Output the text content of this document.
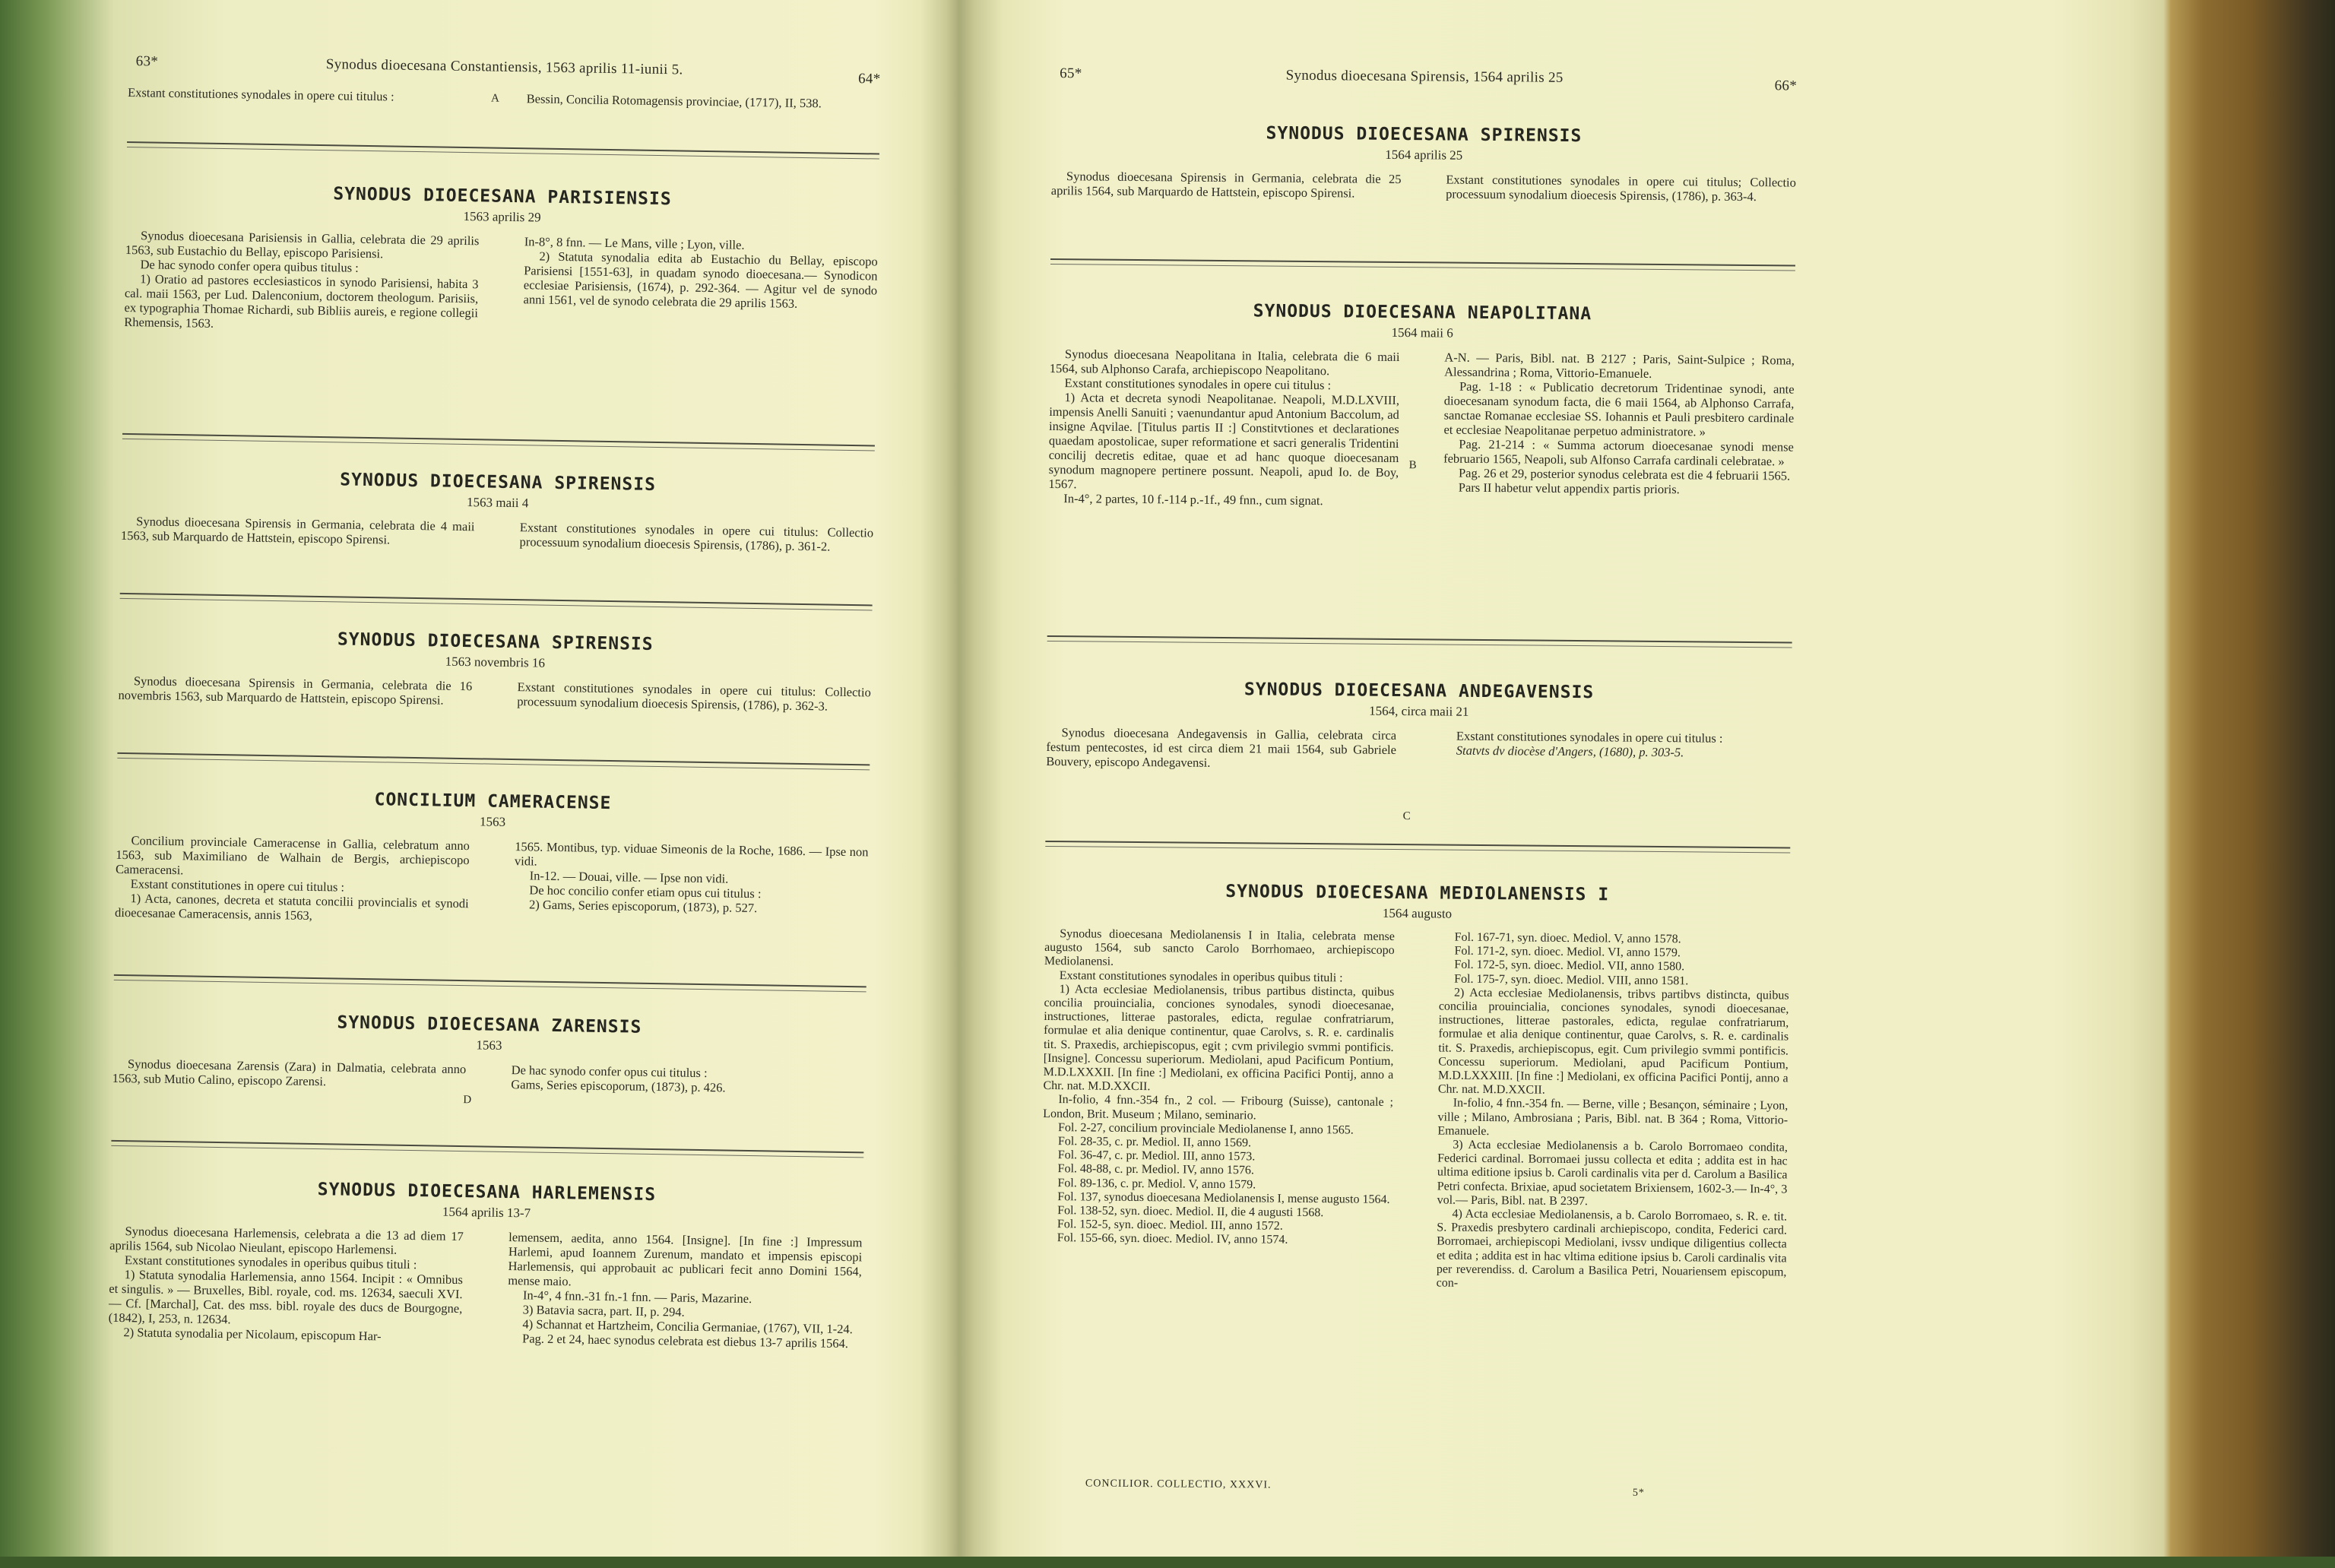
63*	Synodus dioecesana Constantiensis, 1563 aprilis 11-iunii 5.
64*
Exstant constitutiones synodales in opere cui titulus :	Bessin, Concilia Rotomagensis provinciae, (1717), II, 538.
A
SYNODUS DIOECESANA PARISIENSIS
1563 aprilis 29

Synodus dioecesana Parisiensis in Gallia, celebrata die 29 aprilis 1563, sub Eustachio du Bellay, episcopo Parisiensi.

De hac synodo confer opera quibus titulus :

1) Oratio ad pastores ecclesiasticos in synodo Parisiensi, habita 3 cal. maii 1563, per Lud. Dalenconium, doctorem theologum. Parisiis, ex typographia Thomae Richardi, sub Bibliis aureis, e regione collegii Rhemensis, 1563.

In-8°, 8 fnn. — Le Mans, ville ; Lyon, ville.

2) Statuta synodalia edita ab Eustachio du Bellay, episcopo Parisiensi [1551-63], in quadam synodo dioecesana.— Synodicon ecclesiae Parisiensis, (1674), p. 292-364. — Agitur vel de synodo anni 1561, vel de synodo celebrata die 29 aprilis 1563.

SYNODUS DIOECESANA SPIRENSIS
1563 maii 4

Synodus dioecesana Spirensis in Germania, celebrata die 4 maii 1563, sub Marquardo de Hattstein, episcopo Spirensi.	Exstant constitutiones synodales in opere cui titulus: Collectio processuum synodalium dioecesis Spirensis, (1786), p. 361-2.

SYNODUS DIOECESANA SPIRENSIS
1563 novembris 16

Synodus dioecesana Spirensis in Germania, celebrata die 16 novembris 1563, sub Marquardo de Hattstein, episcopo Spirensi.	Exstant constitutiones synodales in opere cui titulus: Collectio processuum synodalium dioecesis Spirensis, (1786), p. 362-3.

CONCILIUM CAMERACENSE
1563

Concilium provinciale Cameracense in Gallia, celebratum anno 1563, sub Maximiliano de Walhain de Bergis, archiepiscopo Cameracensi.

Exstant constitutiones in opere cui titulus :

1) Acta, canones, decreta et statuta concilii provincialis et synodi dioecesanae Cameracensis, annis 1563,

1565. Montibus, typ. viduae Simeonis de la Roche, 1686. — Ipse non vidi.

In-12. — Douai, ville. — Ipse non vidi.

De hoc concilio confer etiam opus cui titulus :

2) Gams, Series episcoporum, (1873), p. 527.

SYNODUS DIOECESANA ZARENSIS
1563

Synodus dioecesana Zarensis (Zara) in Dalmatia, celebrata anno 1563, sub Mutio Calino, episcopo Zarensi.	De hac synodo confer opus cui titulus :

Gams, Series episcoporum, (1873), p. 426.

D
SYNODUS DIOECESANA HARLEMENSIS
1564 aprilis 13-7

Synodus dioecesana Harlemensis, celebrata a die 13 ad diem 17 aprilis 1564, sub Nicolao Nieulant, episcopo Harlemensi.

Exstant constitutiones synodales in operibus quibus tituli :

1) Statuta synodalia Harlemensia, anno 1564. Incipit : « Omnibus et singulis. » — Bruxelles, Bibl. royale, cod. ms. 12634, saeculi XVI. — Cf. [Marchal], Cat. des mss. bibl. royale des ducs de Bourgogne, (1842), I, 253, n. 12634.

2) Statuta synodalia per Nicolaum, episcopum Har-

lemensem, aedita, anno 1564. [Insigne]. [In fine :] Impressum Harlemi, apud Ioannem Zurenum, mandato et impensis episcopi Harlemensis, qui approbauit ac publicari fecit anno Domini 1564, mense maio.

In-4°, 4 fnn.-31 fn.-1 fnn. — Paris, Mazarine.

3) Batavia sacra, part. II, p. 294.

4) Schannat et Hartzheim, Concilia Germaniae, (1767), VII, 1-24.

Pag. 2 et 24, haec synodus celebrata est diebus 13-7 aprilis 1564.

65*	Synodus dioecesana Spirensis, 1564 aprilis 25
66*
SYNODUS DIOECESANA SPIRENSIS
1564 aprilis 25

Synodus dioecesana Spirensis in Germania, celebrata die 25 aprilis 1564, sub Marquardo de Hattstein, episcopo Spirensi.

Exstant constitutiones synodales in opere cui titulus; Collectio processuum synodalium dioecesis Spirensis, (1786), p. 363-4.

SYNODUS DIOECESANA NEAPOLITANA
1564 maii 6

Synodus dioecesana Neapolitana in Italia, celebrata die 6 maii 1564, sub Alphonso Carafa, archiepiscopo Neapolitano.

Exstant constitutiones synodales in opere cui titulus :

1) Acta et decreta synodi Neapolitanae. Neapoli, M.D.LXVIII, impensis Anelli Sanuiti ; vaenundantur apud Antonium Baccolum, ad insigne Aqvilae. [Titulus partis II :] Constitvtiones et declarationes quaedam apostolicae, super reformatione et sacri generalis Tridentini concilij decretis editae, quae et ad hanc quoque dioecesanam synodum magnopere pertinere possunt. Neapoli, apud Io. de Boy, 1567.

In-4°, 2 partes, 10 f.-114 p.-1f., 49 fnn., cum signat.

A-N. — Paris, Bibl. nat. B 2127 ; Paris, Saint-Sulpice ; Roma, Alessandrina ; Roma, Vittorio-Emanuele.

Pag. 1-18 : « Publicatio decretorum Tridentinae synodi, ante dioecesanam synodum facta, die 6 maii 1564, ab Alphonso Carrafa, sanctae Romanae ecclesiae SS. Iohannis et Pauli presbitero cardinale et ecclesiae Neapolitanae perpetuo administratore. »

Pag. 21-214 : « Summa actorum dioecesanae synodi mense februario 1565, Neapoli, sub Alfonso Carrafa cardinali celebratae. »

Pag. 26 et 29, posterior synodus celebrata est die 4 februarii 1565.

Pars II habetur velut appendix partis prioris.

B
SYNODUS DIOECESANA ANDEGAVENSIS
1564, circa maii 21

Synodus dioecesana Andegavensis in Gallia, celebrata circa festum pentecostes, id est circa diem 21 maii 1564, sub Gabriele Bouvery, episcopo Andegavensi.

Exstant constitutiones synodales in opere cui titulus :

Statvts dv diocèse d'Angers, (1680), p. 303-5.

C
SYNODUS DIOECESANA MEDIOLANENSIS I
1564 augusto

Synodus dioecesana Mediolanensis I in Italia, celebrata mense augusto 1564, sub sancto Carolo Borrhomaeo, archiepiscopo Mediolanensi.

Exstant constitutiones synodales in operibus quibus tituli :

1) Acta ecclesiae Mediolanensis, tribus partibus distincta, quibus concilia prouincialia, conciones synodales, synodi dioecesanae, instructiones, litterae pastorales, edicta, regulae confratriarum, formulae et alia denique continentur, quae Carolvs, s. R. e. cardinalis tit. S. Praxedis, archiepiscopus, egit ; cvm privilegio svmmi pontificis. [Insigne]. Concessu superiorum. Mediolani, apud Pacificum Pontium, M.D.LXXXII. [In fine :] Mediolani, ex officina Pacifici Pontij, anno a Chr. nat. M.D.XXCII.

In-folio, 4 fnn.-354 fn., 2 col. — Fribourg (Suisse), cantonale ; London, Brit. Museum ; Milano, seminario.

Fol. 2-27, concilium provinciale Mediolanense I, anno 1565.

Fol. 28-35, c. pr. Mediol. II, anno 1569.

Fol. 36-47, c. pr. Mediol. III, anno 1573.

Fol. 48-88, c. pr. Mediol. IV, anno 1576.

Fol. 89-136, c. pr. Mediol. V, anno 1579.

Fol. 137, synodus dioecesana Mediolanensis I, mense augusto 1564.

Fol. 138-52, syn. dioec. Mediol. II, die 4 augusti 1568.

Fol. 152-5, syn. dioec. Mediol. III, anno 1572.

Fol. 155-66, syn. dioec. Mediol. IV, anno 1574.

Fol. 167-71, syn. dioec. Mediol. V, anno 1578.

Fol. 171-2, syn. dioec. Mediol. VI, anno 1579.

Fol. 172-5, syn. dioec. Mediol. VII, anno 1580.

Fol. 175-7, syn. dioec. Mediol. VIII, anno 1581.

2) Acta ecclesiae Mediolanensis, tribvs partibvs distincta, quibus concilia prouincialia, conciones synodales, synodi dioecesanae, instructiones, litterae pastorales, edicta, regulae confratriarum, formulae et alia denique continentur, quae Carolvs, s. R. e. cardinalis tit. S. Praxedis, archiepiscopus, egit. Cum privilegio svmmi pontificis. Concessu superiorum. Mediolani, apud Pacificum Pontium, M.D.LXXXIII. [In fine :] Mediolani, ex officina Pacifici Pontij, anno a Chr. nat. M.D.XXCII.

In-folio, 4 fnn.-354 fn. — Berne, ville ; Besançon, séminaire ; Lyon, ville ; Milano, Ambrosiana ; Paris, Bibl. nat. B 364 ; Roma, Vittorio-Emanuele.

3) Acta ecclesiae Mediolanensis a b. Carolo Borromaeo condita, Federici cardinal. Borromaei jussu collecta et edita ; addita est in hac ultima editione ipsius b. Caroli cardinalis vita per d. Carolum a Basilica Petri confecta. Brixiae, apud societatem Brixiensem, 1602-3.— In-4°, 3 vol.— Paris, Bibl. nat. B 2397.

4) Acta ecclesiae Mediolanensis, a b. Carolo Borromaeo, s. R. e. tit. S. Praxedis presbytero cardinali archiepiscopo, condita, Federici card. Borromaei, archiepiscopi Mediolani, ivssv undique diligentius collecta et edita ; addita est in hac vltima editione ipsius b. Caroli cardinalis vita per reverendiss. d. Carolum a Basilica Petri, Nouariensem episcopum, con-

CONCILIOR. COLLECTIO, XXXVI.
5*
